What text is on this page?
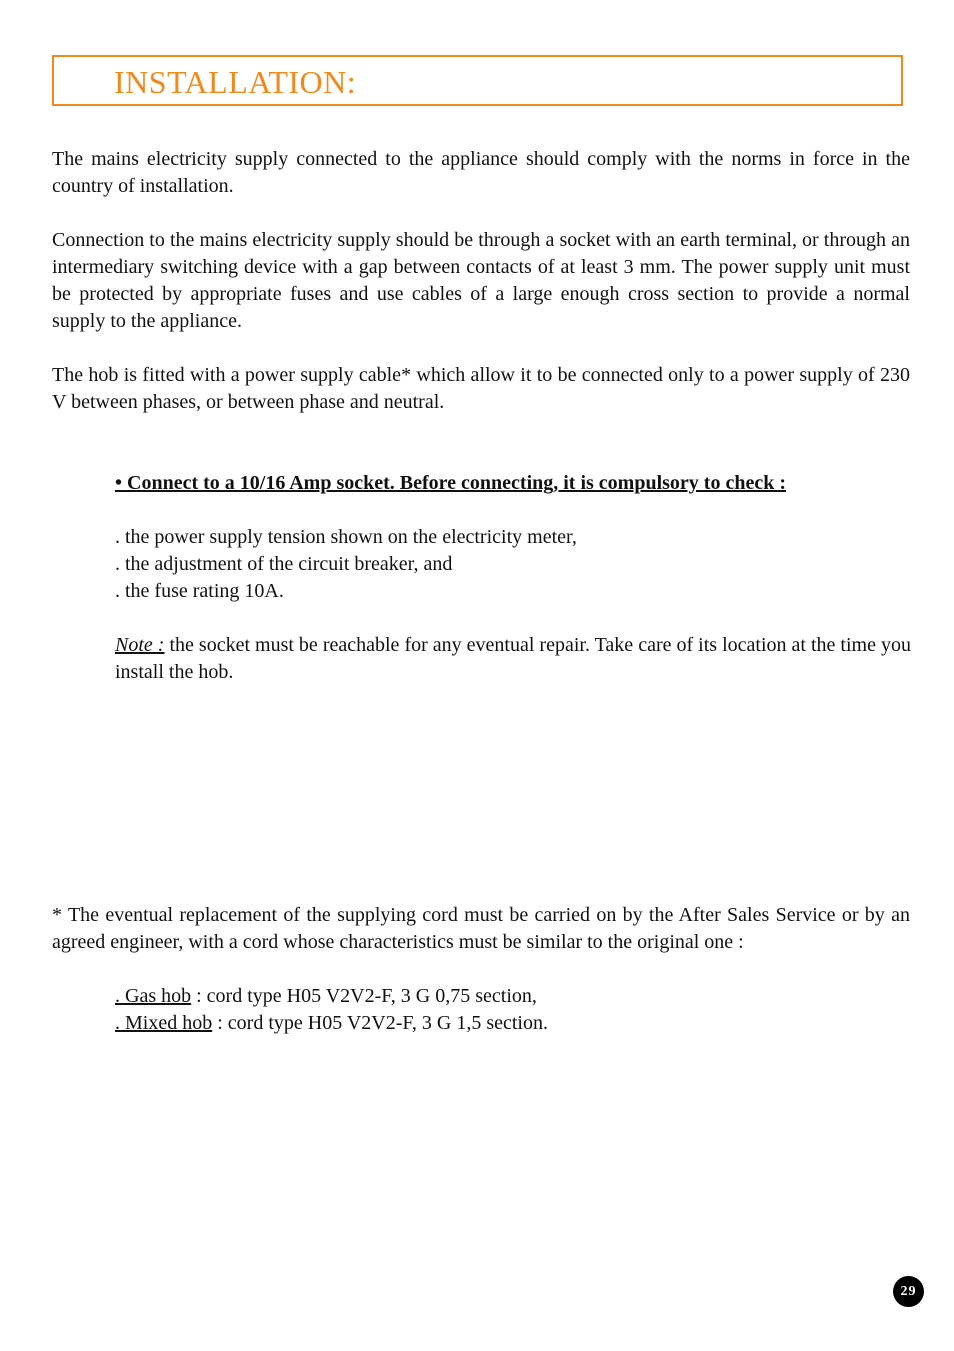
INSTALLATION:

The mains electricity supply connected to the appliance should comply with the norms in force in the country of installation.

Connection to the mains electricity supply should be through a socket with an earth terminal, or through an intermediary switching device with a gap between contacts of at least 3 mm. The power supply unit must be protected by appropriate fuses and use cables of a large enough cross section to provide a normal supply to the appliance.

The hob is fitted with a power supply cable* which allow it to be connected only to a power supply of 230 V between phases, or between phase and neutral.

• Connect to a 10/16 Amp socket. Before connecting, it is compulsory to check :

. the power supply tension shown on the electricity meter,

. the adjustment of the circuit breaker, and

. the fuse rating 10A.

Note : the socket must be reachable for any eventual repair. Take care of its location at the time you install the hob.

* The eventual replacement of the supplying cord must be carried on by the After Sales Service or by an agreed engineer, with a cord whose characteristics must be similar to the original one :

. Gas hob : cord type H05 V2V2-F, 3 G 0,75 section,

. Mixed hob : cord type H05 V2V2-F, 3 G 1,5 section.

29
